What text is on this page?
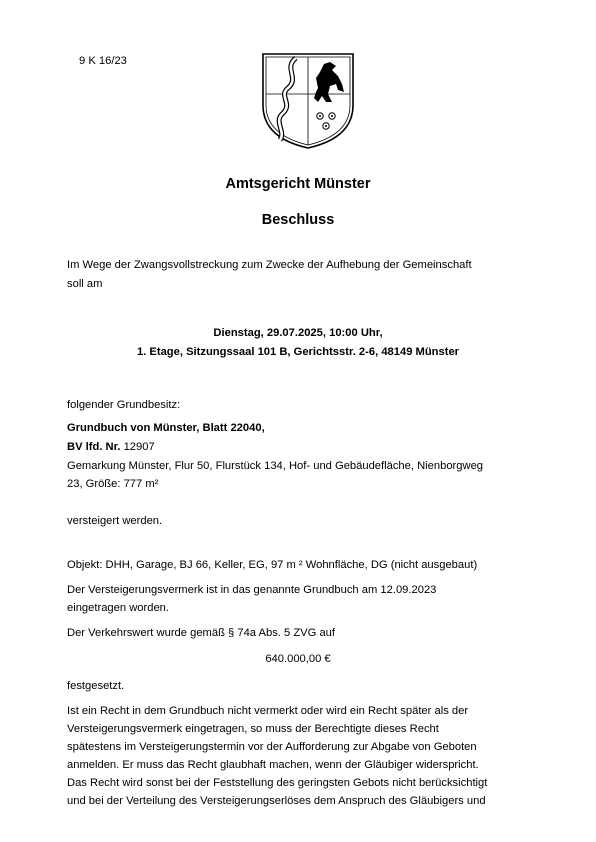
9 K 16/23
Amtsgericht Münster
Beschluss
Im Wege der Zwangsvollstreckung zum Zwecke der Aufhebung der Gemeinschaft
soll am
Dienstag, 29.07.2025, 10:00 Uhr,
1. Etage, Sitzungssaal 101 B, Gerichtsstr. 2-6, 48149 Münster
folgender Grundbesitz:
Grundbuch von Münster, Blatt 22040,
BV lfd. Nr. 12907
Gemarkung Münster, Flur 50, Flurstück 134, Hof- und Gebäudefläche, Nienborgweg
23, Größe: 777 m²
versteigert werden.
Objekt: DHH, Garage, BJ 66, Keller, EG, 97 m ² Wohnfläche, DG (nicht ausgebaut)
Der Versteigerungsvermerk ist in das genannte Grundbuch am 12.09.2023
eingetragen worden.
Der Verkehrswert wurde gemäß § 74a Abs. 5 ZVG auf
640.000,00 €
festgesetzt.
Ist ein Recht in dem Grundbuch nicht vermerkt oder wird ein Recht später als der
Versteigerungsvermerk eingetragen, so muss der Berechtigte dieses Recht
spätestens im Versteigerungstermin vor der Aufforderung zur Abgabe von Geboten
anmelden. Er muss das Recht glaubhaft machen, wenn der Gläubiger widerspricht.
Das Recht wird sonst bei der Feststellung des geringsten Gebots nicht berücksichtigt
und bei der Verteilung des Versteigerungserlöses dem Anspruch des Gläubigers und
